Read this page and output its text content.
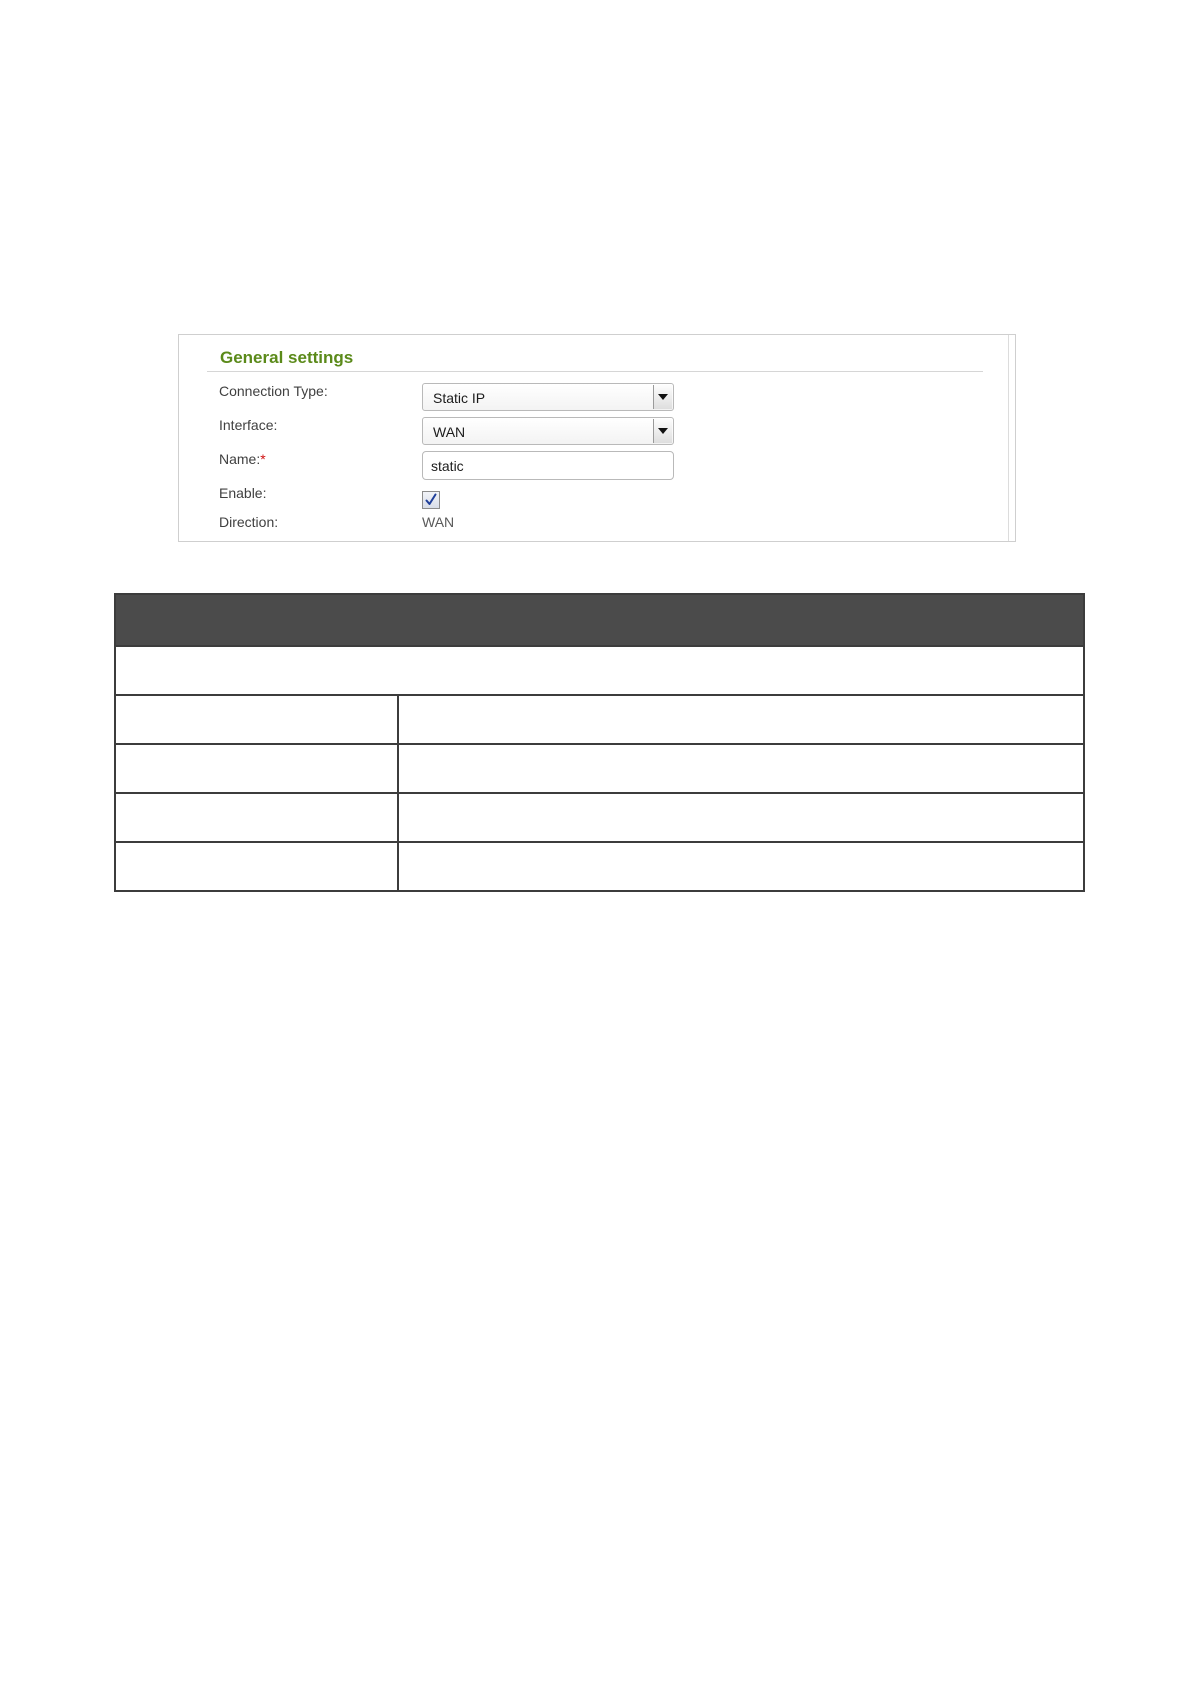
General settings
Connection Type:	Static IP
Interface:	WAN
Name:*
static
Enable:
Direction:	WAN
